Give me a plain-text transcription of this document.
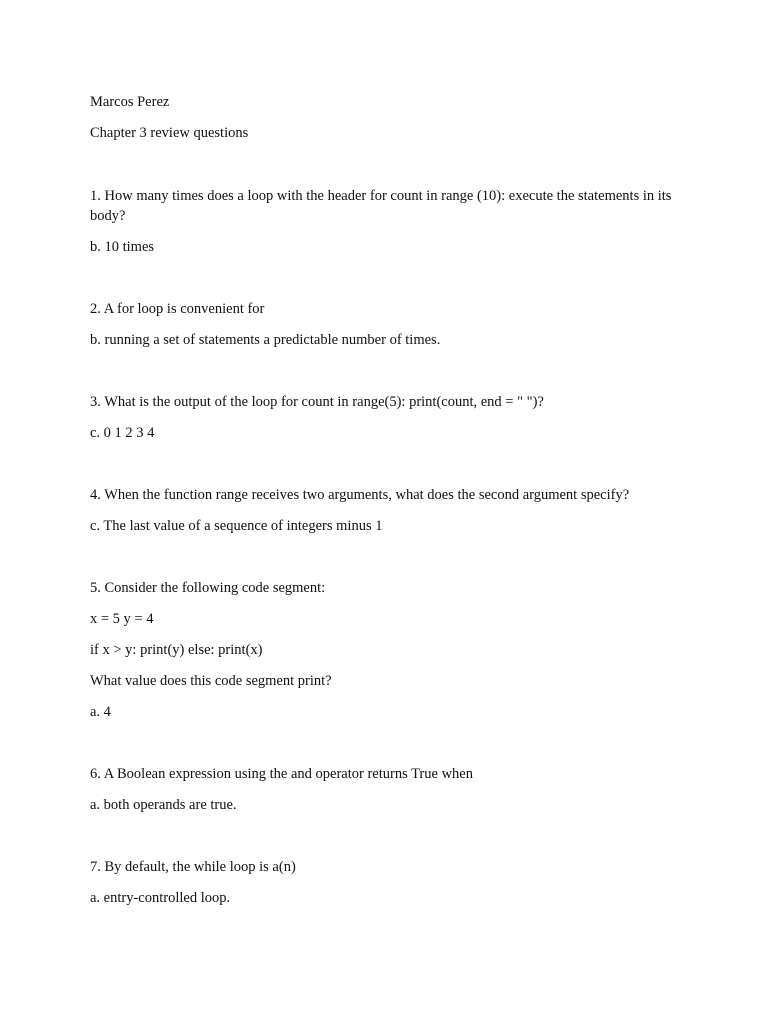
Marcos Perez

Chapter 3 review questions

1. How many times does a loop with the header for count in range (10): execute the statements in its body?

b. 10 times

2. A for loop is convenient for

b. running a set of statements a predictable number of times.

3. What is the output of the loop for count in range(5): print(count, end = " ")?

c. 0 1 2 3 4

4. When the function range receives two arguments, what does the second argument specify?

c. The last value of a sequence of integers minus 1

5. Consider the following code segment:

x = 5 y = 4

if x > y: print(y) else: print(x)

What value does this code segment print?

a. 4

6. A Boolean expression using the and operator returns True when

a. both operands are true.

7. By default, the while loop is a(n)

a. entry-controlled loop.
